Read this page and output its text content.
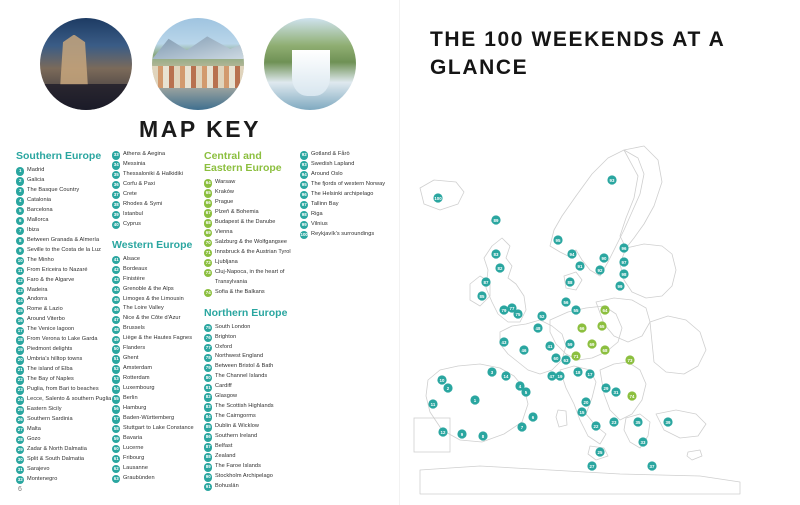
MAP KEY
Southern Europe
1 Madrid
2 Galicia
3 The Basque Country
4 Catalonia
5 Barcelona
6 Mallorca
7 Ibiza
8 Between Granada & Almería
9 Seville to the Costa de la Luz
10 The Minho
11 From Ericeira to Nazaré
12 Faro & the Algarve
13 Madeira
14 Andorra
15 Rome & Lazio
16 Around Viterbo
17 The Venice lagoon
18 From Verona to Lake Garda
19 Piedmont delights
20 Umbria's hilltop towns
21 The island of Elba
22 The Bay of Naples
23 Puglia, from Bari to beaches
24 Lecce, Salento & southern Puglia
25 Eastern Sicily
26 Southern Sardinia
27 Malta
28 Gozo
29 Zadar & North Dalmatia
30 Split & South Dalmatia
31 Sarajevo
32 Montenegro
33 Athens & Aegina
34 Messinia
35 Thessaloniki & Halkidiki
36 Corfu & Paxi
37 Crete
38 Rhodes & Symi
39 Istanbul
40 Cyprus
Western Europe
41 Alsace
42 Bordeaux
43 Finistère
44 Grenoble & the Alps
45 Limoges & the Limousin
46 The Loire Valley
47 Nice & the Côte d'Azur
48 Brussels
49 Liège & the Hautes Fagnes
50 Flanders
51 Ghent
52 Amsterdam
53 Rotterdam
54 Luxembourg
55 Berlin
56 Hamburg
57 Baden-Württemberg
58 Stuttgart to Lake Constance
59 Bavaria
60 Lucerne
61 Fribourg
62 Lausanne
63 Graubünden
Central and Eastern Europe
64 Warsaw
65 Kraków
66 Prague
67 Plzeň & Bohemia
68 Budapest & the Danube
69 Vienna
70 Salzburg & the Wolfgangsee
71 Innsbruck & the Austrian Tyrol
72 Ljubljana
73 Cluj-Napoca, in the heart of Transylvania
74 Sofia & the Balkans
Northern Europe
75 South London
76 Brighton
77 Oxford
78 Northwest England
79 Between Bristol & Bath
80 The Channel Islands
81 Cardiff
82 Glasgow
83 The Scottish Highlands
84 The Cairngorms
85 Dublin & Wicklow
86 Southern Ireland
87 Belfast
88 Zealand
89 The Faroe Islands
90 Stockholm Archipelago
91 Bohuslän
92 Gotland & Fårö
93 Swedish Lapland
94 Around Oslo
95 The fjords of western Norway
96 The Helsinki archipelago
97 Tallinn Bay
98 Riga
99 Vilnius
100 Reykjavík's surroundings
6
THE 100 WEEKENDS AT A GLANCE
1
2
3
4
5
6
7
8
9
10
11
12
14
15
17
18
19
20
22
23
25
27
29
31
33
35
37
39
41
43
46
47
48
52
55
56
59
60 63
64
65
66
68
69
71
73
74
75
77
79
82
83
85
87	88
89
90
91
92
93
94
95
96
97
98
99
100
